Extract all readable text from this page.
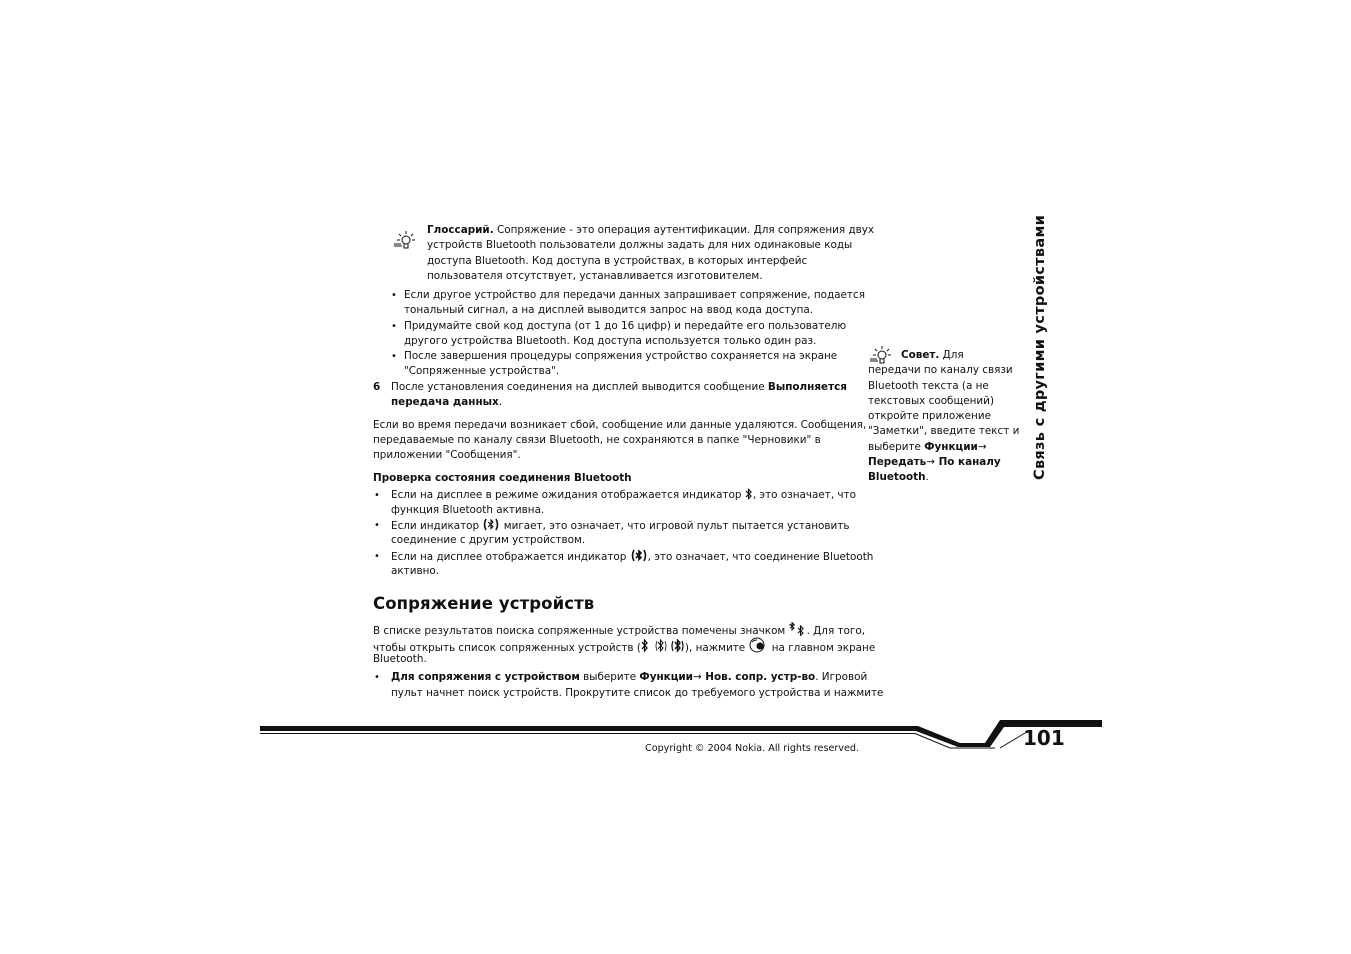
Глоссарий. Сопряжение - это операция аутентификации. Для сопряжения двух
устройств Bluetooth пользователи должны задать для них одинаковые коды
доступа Bluetooth. Код доступа в устройствах, в которых интерфейс
пользователя отсутствует, устанавливается изготовителем.
• Если другое устройство для передачи данных запрашивает сопряжение, подается
тональный сигнал, а на дисплей выводится запрос на ввод кода доступа.
• Придумайте свой код доступа (от 1 до 16 цифр) и передайте его пользователю
другого устройства Bluetooth. Код доступа используется только один раз.
• После завершения процедуры сопряжения устройство сохраняется на экране
"Сопряженные устройства".
6 После установления соединения на дисплей выводится сообщение Выполняется
передача данных.
Если во время передачи возникает сбой, сообщение или данные удаляются. Сообщения,
передаваемые по каналу связи Bluetooth, не сохраняются в папке "Черновики" в
приложении "Сообщения".
Проверка состояния соединения Bluetooth
• Если на дисплее в режиме ожидания отображается индикатор , это означает, что
функция Bluetooth активна.
• Если индикатор  мигает, это означает, что игровой пульт пытается установить
соединение с другим устройством.
• Если на дисплее отображается индикатор , это означает, что соединение Bluetooth
активно.
Сопряжение устройств
В списке результатов поиска сопряженные устройства помечены значком . Для того,
чтобы открыть список сопряженных устройств (	), нажмите  на главном экране
Bluetooth.
• Для сопряжения с устройством выберите Функции→ Нов. сопр. устр-во. Игровой
пульт начнет поиск устройств. Прокрутите список до требуемого устройства и нажмите
Совет. Для
передачи по каналу связи
Bluetooth текста (а не
текстовых сообщений)
откройте приложение
"Заметки", введите текст и
выберите Функции→
Передать→ По каналу
Bluetooth.	Связь с другими устройствами
101
Copyright © 2004 Nokia. All rights reserved.
